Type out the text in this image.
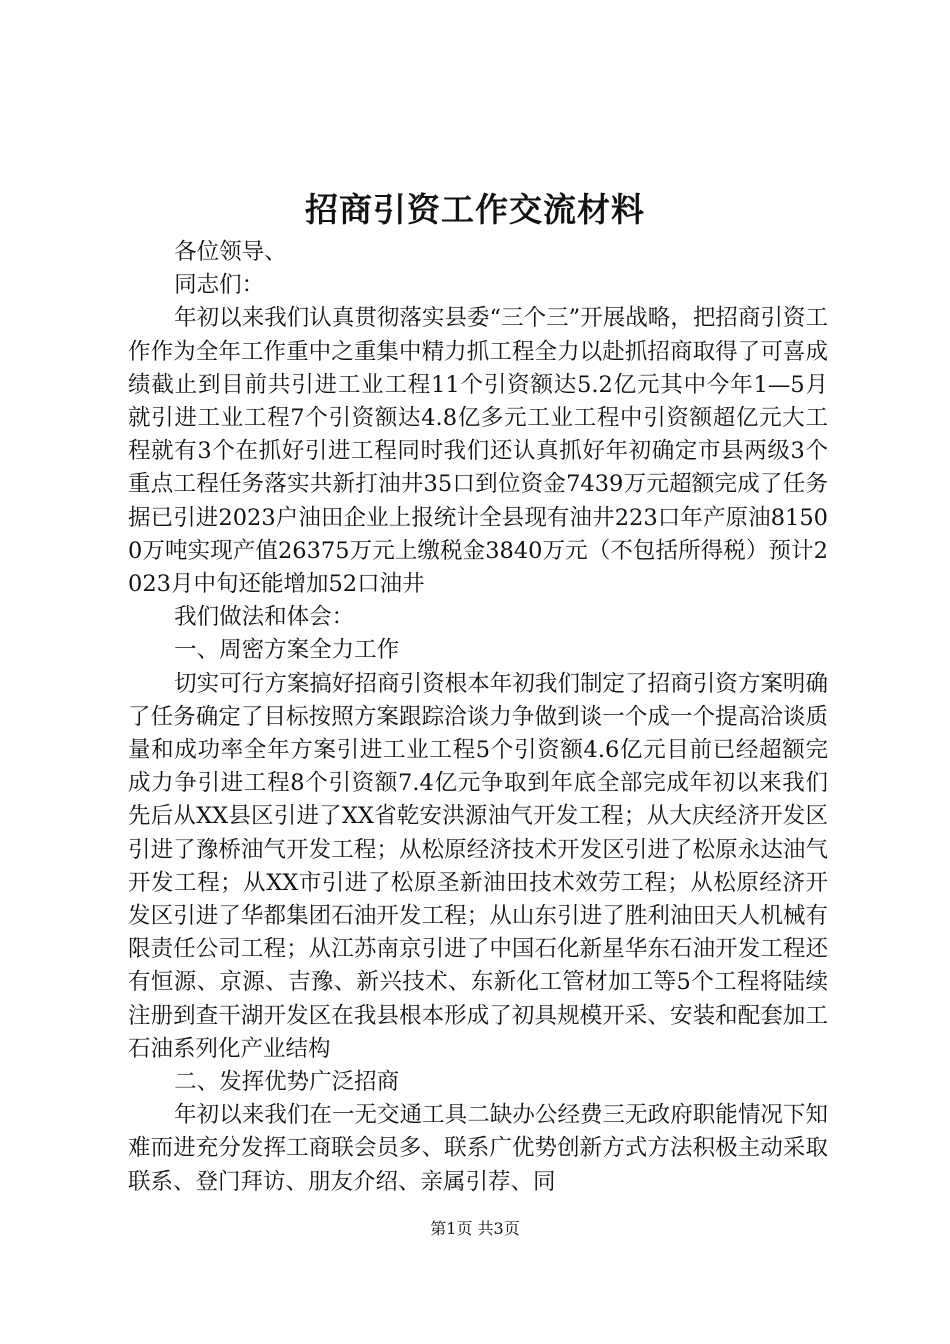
招商引资工作交流材料

各位领导、

同志们：

年初以来我们认真贯彻落实县委“三个三”开展战略，把招商引资工作作为全年工作重中之重集中精力抓工程全力以赴抓招商取得了可喜成绩截止到目前共引进工业工程11个引资额达5.2亿元其中今年1—5月就引进工业工程7个引资额达4.8亿多元工业工程中引资额超亿元大工程就有3个在抓好引进工程同时我们还认真抓好年初确定市县两级3个重点工程任务落实共新打油井35口到位资金7439万元超额完成了任务据已引进2023户油田企业上报统计全县现有油井223口年产原油81500万吨实现产值26375万元上缴税金3840万元（不包括所得税）预计2023月中旬还能增加52口油井

我们做法和体会：

一、周密方案全力工作

切实可行方案搞好招商引资根本年初我们制定了招商引资方案明确了任务确定了目标按照方案跟踪洽谈力争做到谈一个成一个提高洽谈质量和成功率全年方案引进工业工程5个引资额4.6亿元目前已经超额完成力争引进工程8个引资额7.4亿元争取到年底全部完成年初以来我们先后从XX县区引进了XX省乾安洪源油气开发工程；从大庆经济开发区引进了豫桥油气开发工程；从松原经济技术开发区引进了松原永达油气开发工程；从XX市引进了松原圣新油田技术效劳工程；从松原经济开发区引进了华都集团石油开发工程；从山东引进了胜利油田天人机械有限责任公司工程；从江苏南京引进了中国石化新星华东石油开发工程还有恒源、京源、吉豫、新兴技术、东新化工管材加工等5个工程将陆续注册到查干湖开发区在我县根本形成了初具规模开采、安装和配套加工石油系列化产业结构

二、发挥优势广泛招商

年初以来我们在一无交通工具二缺办公经费三无政府职能情况下知难而进充分发挥工商联会员多、联系广优势创新方式方法积极主动采取　　联系、登门拜访、朋友介绍、亲属引荐、同

第1页 共3页
